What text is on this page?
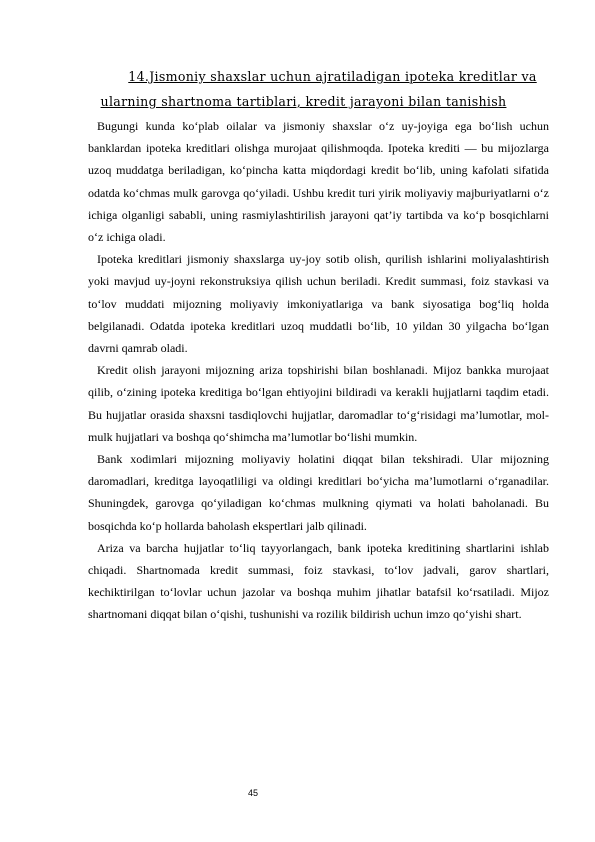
14.Jismoniy shaxslar uchun ajratiladigan ipoteka kreditlar va
ularning shartnoma tartiblari, kredit jarayoni bilan tanishish

Bugungi kunda ko‘plab oilalar va jismoniy shaxslar o‘z uy-joyiga ega bo‘lish uchun banklardan ipoteka kreditlari olishga murojaat qilishmoqda. Ipoteka krediti — bu mijozlarga uzoq muddatga beriladigan, ko‘pincha katta miqdordagi kredit bo‘lib, uning kafolati sifatida odatda ko‘chmas mulk garovga qo‘yiladi. Ushbu kredit turi yirik moliyaviy majburiyatlarni o‘z ichiga olganligi sababli, uning rasmiylashtirilish jarayoni qat’iy tartibda va ko‘p bosqichlarni o‘z ichiga oladi.

Ipoteka kreditlari jismoniy shaxslarga uy-joy sotib olish, qurilish ishlarini moliyalashtirish yoki mavjud uy-joyni rekonstruksiya qilish uchun beriladi. Kredit summasi, foiz stavkasi va to‘lov muddati mijozning moliyaviy imkoniyatlariga va bank siyosatiga bog‘liq holda belgilanadi. Odatda ipoteka kreditlari uzoq muddatli bo‘lib, 10 yildan 30 yilgacha bo‘lgan davrni qamrab oladi.

Kredit olish jarayoni mijozning ariza topshirishi bilan boshlanadi. Mijoz bankka murojaat qilib, o‘zining ipoteka kreditiga bo‘lgan ehtiyojini bildiradi va kerakli hujjatlarni taqdim etadi. Bu hujjatlar orasida shaxsni tasdiqlovchi hujjatlar, daromadlar to‘g‘risidagi ma’lumotlar, mol-mulk hujjatlari va boshqa qo‘shimcha ma’lumotlar bo‘lishi mumkin.

Bank xodimlari mijozning moliyaviy holatini diqqat bilan tekshiradi. Ular mijozning daromadlari, kreditga layoqatliligi va oldingi kreditlari bo‘yicha ma’lumotlarni o‘rganadilar. Shuningdek, garovga qo‘yiladigan ko‘chmas mulkning qiymati va holati baholanadi. Bu bosqichda ko‘p hollarda baholash ekspertlari jalb qilinadi.

Ariza va barcha hujjatlar to‘liq tayyorlangach, bank ipoteka kreditining shartlarini ishlab chiqadi. Shartnomada kredit summasi, foiz stavkasi, to‘lov jadvali, garov shartlari, kechiktirilgan to‘lovlar uchun jazolar va boshqa muhim jihatlar batafsil ko‘rsatiladi. Mijoz shartnomani diqqat bilan o‘qishi, tushunishi va rozilik bildirish uchun imzo qo‘yishi shart.

45
